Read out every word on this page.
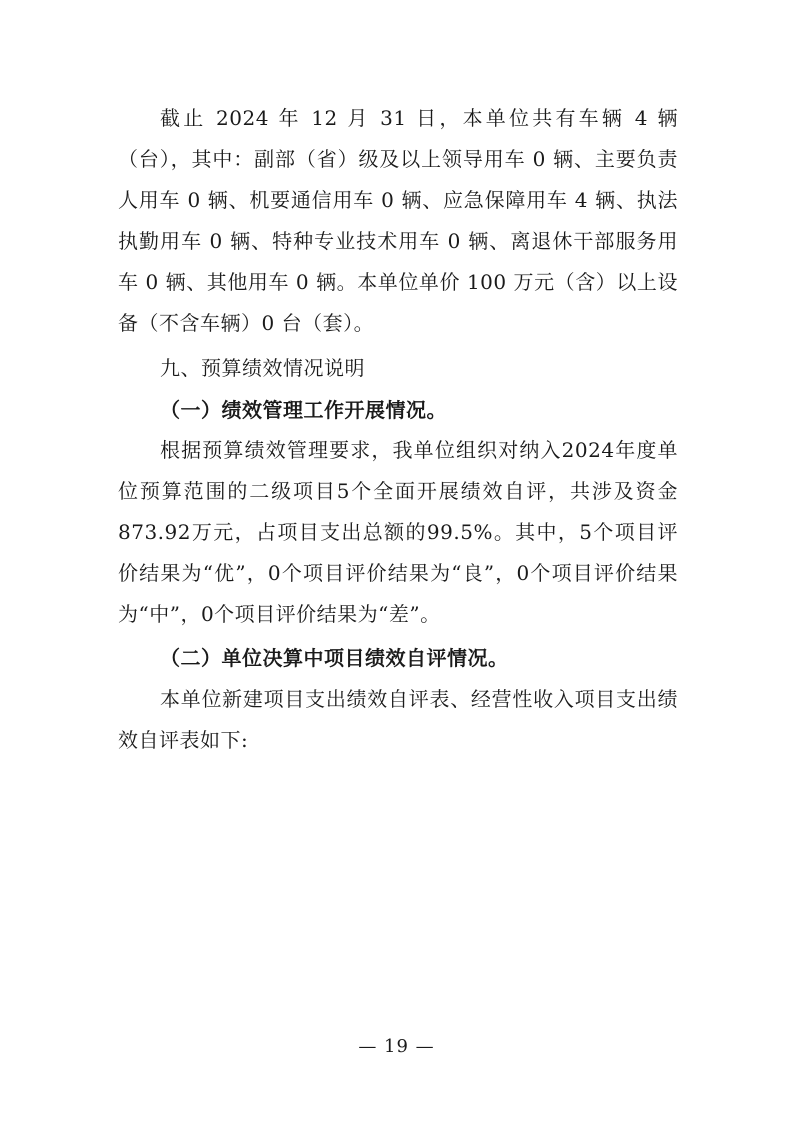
截止 2024 年 12 月 31 日，本单位共有车辆 4 辆（台），其中：副部（省）级及以上领导用车 0 辆、主要负责人用车 0 辆、机要通信用车 0 辆、应急保障用车 4 辆、执法执勤用车 0 辆、特种专业技术用车 0 辆、离退休干部服务用车 0 辆、其他用车 0 辆。本单位单价 100 万元（含）以上设备（不含车辆）0 台（套）。

九、预算绩效情况说明

（一）绩效管理工作开展情况。

根据预算绩效管理要求，我单位组织对纳入2024年度单位预算范围的二级项目5个全面开展绩效自评，共涉及资金873.92万元，占项目支出总额的99.5%。其中，5个项目评价结果为“优”，0个项目评价结果为“良”，0个项目评价结果为“中”，0个项目评价结果为“差”。

（二）单位决算中项目绩效自评情况。

本单位新建项目支出绩效自评表、经营性收入项目支出绩效自评表如下:

— 19 —
